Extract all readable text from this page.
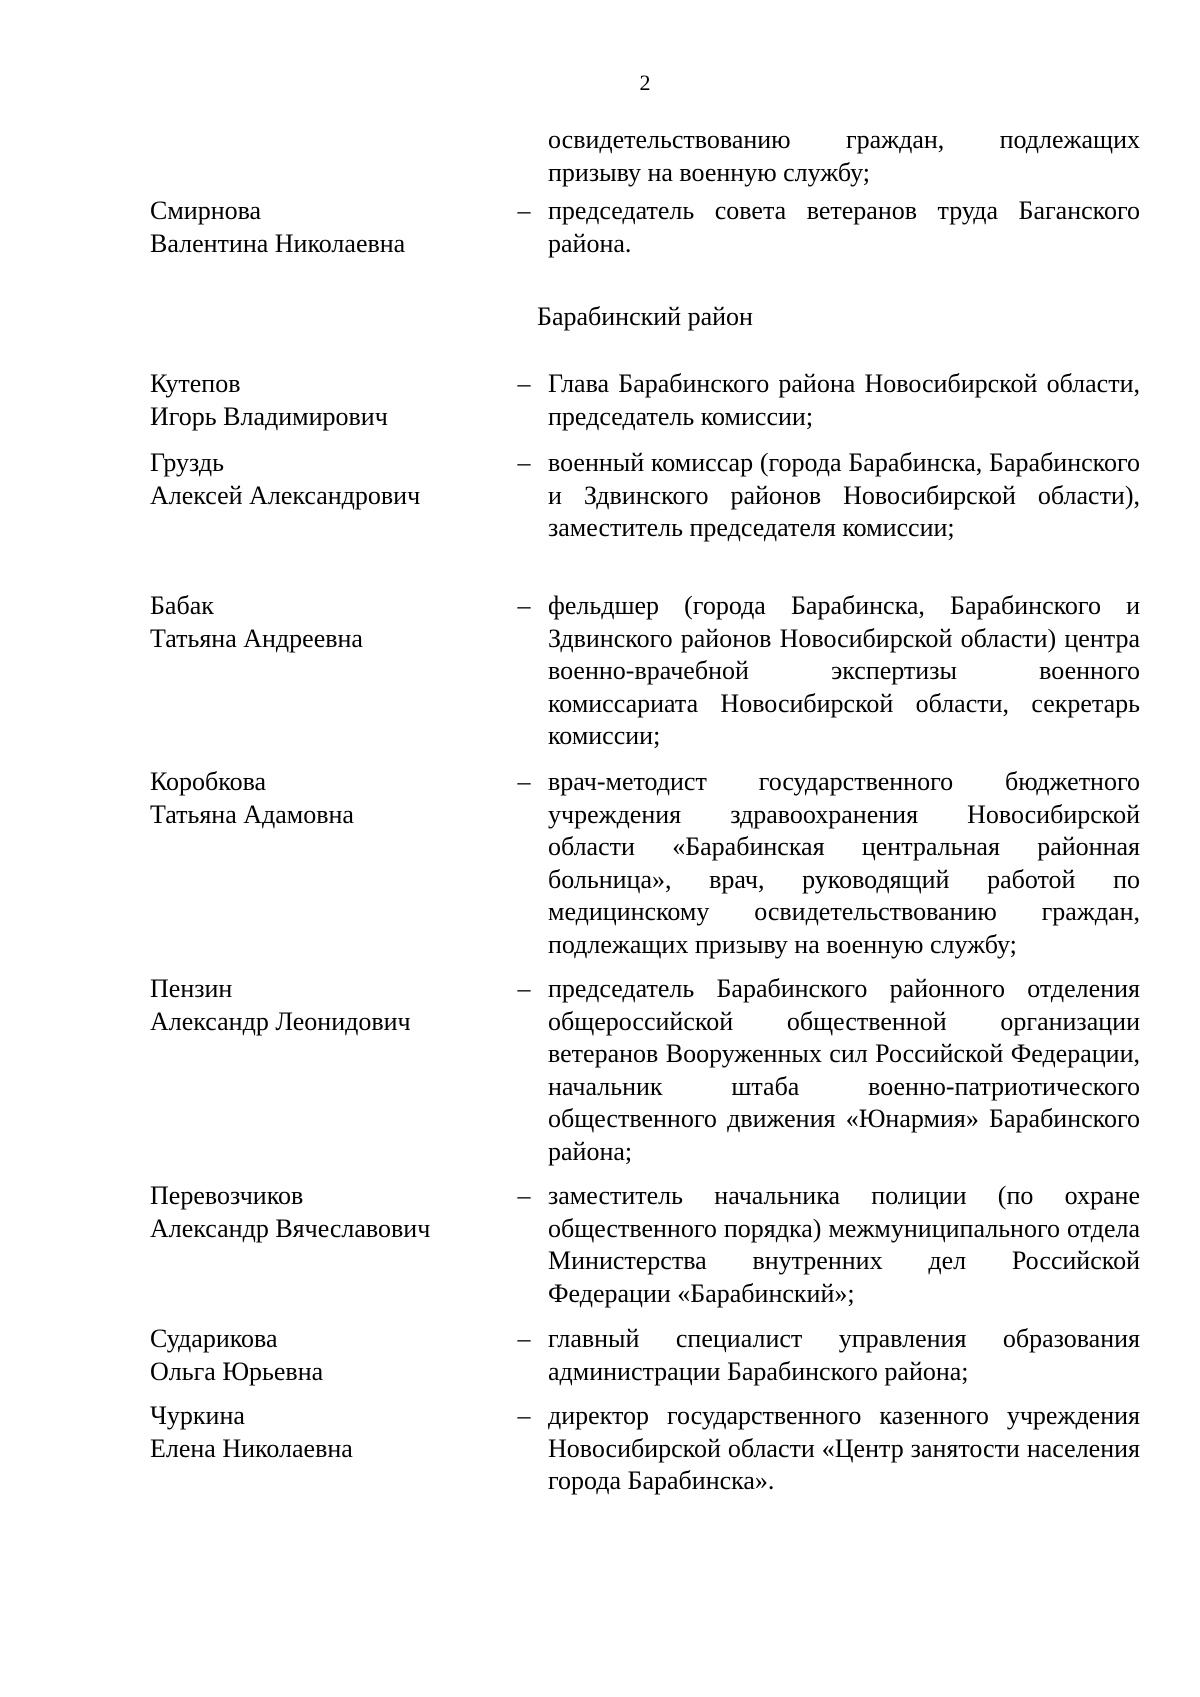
2
освидетельствованию граждан, подлежащих призыву на военную службу;
Смирнова
Валентина Николаевна
– председатель совета ветеранов труда Баганского района.
Барабинский район
Кутепов
Игорь Владимирович
– Глава Барабинского района Новосибирской области, председатель комиссии;
Груздь
Алексей Александрович
– военный комиссар (города Барабинска, Барабинского и Здвинского районов Новосибирской области), заместитель председателя комиссии;
Бабак
Татьяна Андреевна
– фельдшер (города Барабинска, Барабинского и Здвинского районов Новосибирской области) центра военно-врачебной экспертизы военного комиссариата Новосибирской области, секретарь комиссии;
Коробкова
Татьяна Адамовна
– врач-методист государственного бюджетного учреждения здравоохранения Новосибирской области «Барабинская центральная районная больница», врач, руководящий работой по медицинскому освидетельствованию граждан, подлежащих призыву на военную службу;
Пензин
Александр Леонидович
– председатель Барабинского районного отделения общероссийской общественной организации ветеранов Вооруженных сил Российской Федерации, начальник штаба военно-патриотического общественного движения «Юнармия» Барабинского района;
Перевозчиков
Александр Вячеславович
– заместитель начальника полиции (по охране общественного порядка) межмуниципального отдела Министерства внутренних дел Российской Федерации «Барабинский»;
Сударикова
Ольга Юрьевна
– главный специалист управления образования администрации Барабинского района;
Чуркина
Елена Николаевна
– директор государственного казенного учреждения Новосибирской области «Центр занятости населения города Барабинска».
